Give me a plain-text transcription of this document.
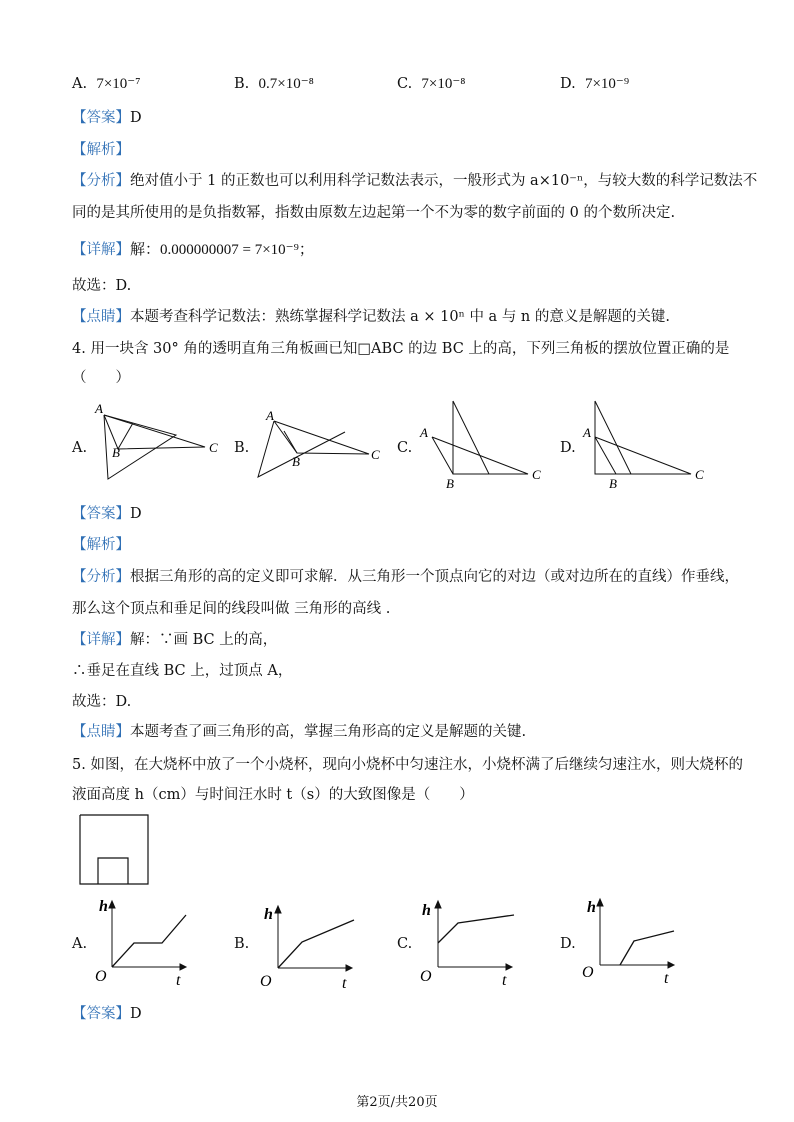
A. 7×10⁻⁷	B. 0.7×10⁻⁸	C. 7×10⁻⁸	D. 7×10⁻⁹
【答案】D
【解析】
【分析】绝对值小于 1 的正数也可以利用科学记数法表示，一般形式为 a×10⁻ⁿ，与较大数的科学记数法不
同的是其所使用的是负指数幂，指数由原数左边起第一个不为零的数字前面的 0 的个数所决定.
【详解】解：0.000000007 = 7×10⁻⁹；
故选：D.
【点睛】本题考查科学记数法：熟练掌握科学记数法 a × 10ⁿ 中 a 与 n 的意义是解题的关键.
4. 用一块含 30° 角的透明直角三角板画已知□ABC 的边 BC 上的高，下列三角板的摆放位置正确的是
（　　）
A.	B.	C.	D.
A
B	C
A
B	C
A
B
C
A
B
C
【答案】D
【解析】
【分析】根据三角形的高的定义即可求解．从三角形一个顶点向它的对边（或对边所在的直线）作垂线，
那么这个顶点和垂足间的线段叫做 三角形的高线 .
【详解】解：∵画 BC 上的高，
∴垂足在直线 BC 上，过顶点 A，
故选：D.
【点睛】本题考查了画三角形的高，掌握三角形高的定义是解题的关键.
5. 如图，在大烧杯中放了一个小烧杯，现向小烧杯中匀速注水，小烧杯满了后继续匀速注水，则大烧杯的
液面高度 h（cm）与时间汪水时 t（s）的大致图像是（　　）
A.	B.	C.	D.
h
t
O
h
t
O
h
t
O
h
t
O
【答案】D
第2页/共20页
